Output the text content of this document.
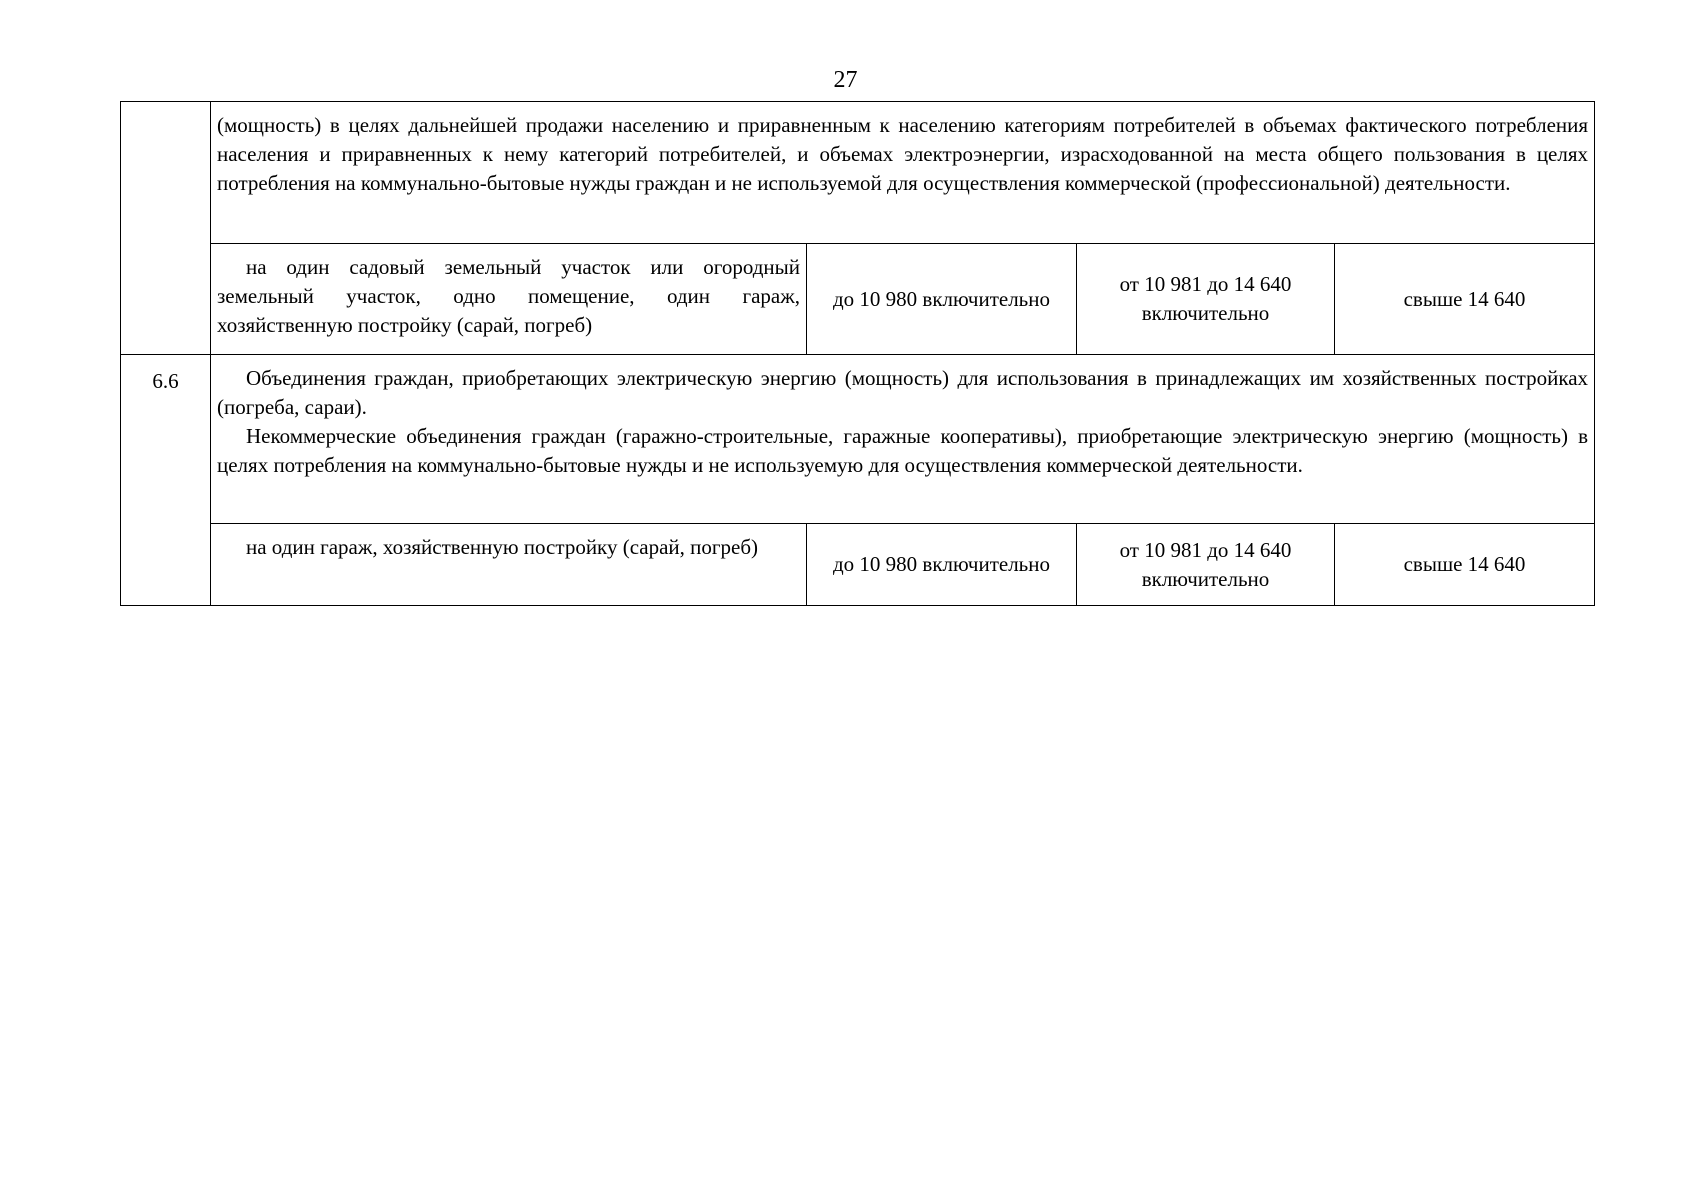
27

	(мощность) в целях дальнейшей продажи населению и приравненным к населению категориям потребителей в объемах фактического потребления населения и приравненных к нему категорий потребителей, и объемах электроэнергии, израсходованной на места общего пользования в целях потребления на коммунально-бытовые нужды граждан и не используемой для осуществления коммерческой (профессиональной) деятельности.			

	на один садовый земельный участок или огородный земельный участок, одно помещение, один гараж, хозяйственную постройку (сарай, погреб)	до 10 980 включительно	от 10 981 до 14 640 включительно	свыше 14 640
6.6	Объединения граждан, приобретающих электрическую энергию (мощность) для использования в принадлежащих им хозяйственных постройках (погреба, сараи).

Некоммерческие объединения граждан (гаражно-строительные, гаражные кооперативы), приобретающие электрическую энергию (мощность) в целях потребления на коммунально-бытовые нужды и не используемую для осуществления коммерческой деятельности.			

	на один гараж, хозяйственную постройку (сарай, погреб)	до 10 980 включительно	от 10 981 до 14 640 включительно	свыше 14 640
